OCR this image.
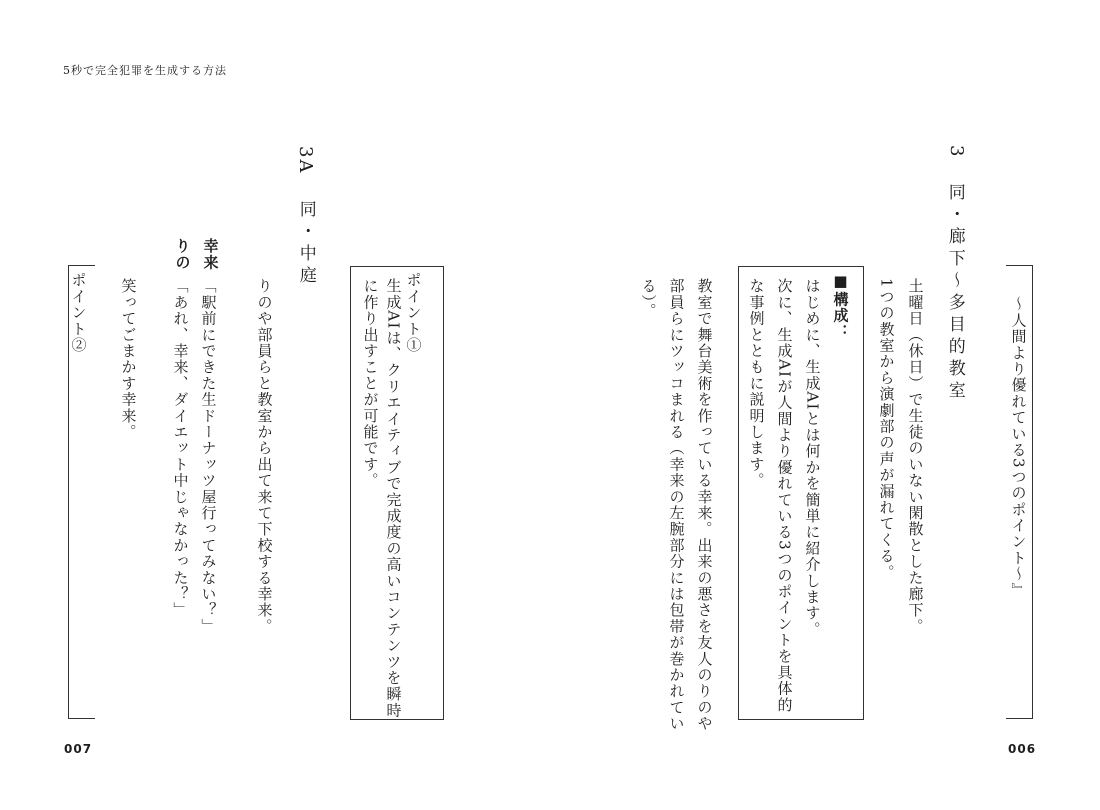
5秒で完全犯罪を生成する方法
〜人間より優れている3つのポイント〜』
3
同・廊下〜多目的教室
土曜日（休日）で生徒のいない閑散とした廊下。
1つの教室から演劇部の声が漏れてくる。
■構成：
はじめに、生成AIとは何かを簡単に紹介します。
次に、生成AIが人間より優れている3つのポイントを具体的
な事例とともに説明します。
教室で舞台美術を作っている幸来。出来の悪さを友人のりのや
部員らにツッコまれる（幸来の左腕部分には包帯が巻かれてい
る）。
006
3A
同・中庭
ポイント①
生成AIは、クリエイティブで完成度の高いコンテンツを瞬時
に作り出すことが可能です。
りのや部員らと教室から出て来て下校する幸来。
幸来
「駅前にできた生ドーナッツ屋行ってみない？」
りの
「あれ、幸来、ダイエット中じゃなかった？」
笑ってごまかす幸来。
ポイント②
007
